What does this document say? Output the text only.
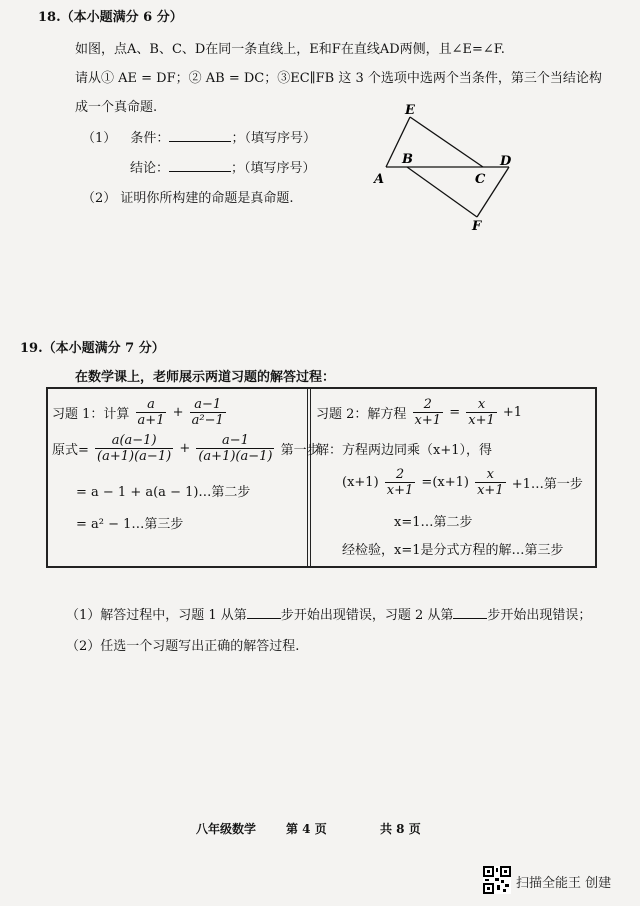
18.（本小题满分 6 分）
如图，点A、B、C、D在同一条直线上，E和F在直线AD两侧，且∠E=∠F.
请从① AE = DF；② AB = DC；③EC∥FB 这 3 个选项中选两个当条件，第三个当结论构
成一个真命题.
（1） 条件：	；（填写序号）
结论：	；（填写序号）
（2） 证明你所构建的命题是真命题.
E
A
B
C
D
F
19.（本小题满分 7 分）
在数学课上，老师展示两道习题的解答过程：
习题 1：计算 $\frac{a}{a+1} + \frac{a-1}{\text{a²−1}}$
原式= $\frac{a(a-1)}{(a+1)(a-1)} + \frac{a-1}{(a+1)(a-1)}$ 第一步
= a − 1 + a(a − 1)…第二步
= a² − 1…第三步
习题 2：解方程 $\frac{2}{x+1} = \frac{x}{x+1} +1$
解：方程两边同乘（x+1），得
$(x+1) \frac{2}{x+1} =(x+1) \frac{x}{x+1}$ +1…第一步
x=1…第二步
经检验，x=1是分式方程的解…第三步
（1）解答过程中，习题 1 从第	步开始出现错误，习题 2 从第	步开始出现错误；
（2）任选一个习题写出正确的解答过程.
八年级数学 第 4 页	共 8 页
扫描全能王 创建
